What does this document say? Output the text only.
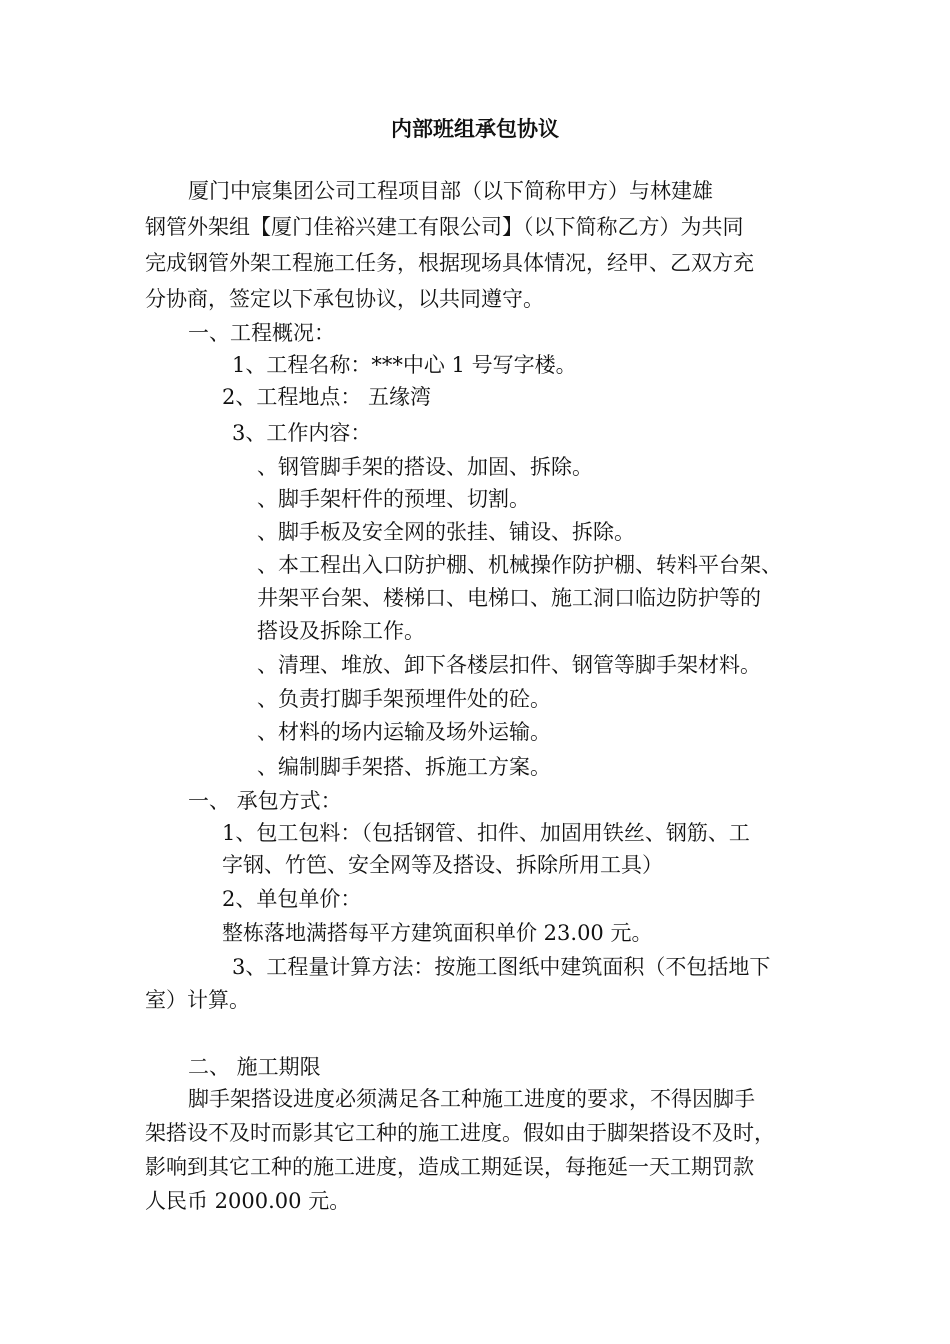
内部班组承包协议
厦门中宸集团公司工程项目部（以下简称甲方）与林建雄
钢管外架组【厦门佳裕兴建工有限公司】（以下简称乙方）为共同
完成钢管外架工程施工任务，根据现场具体情况，经甲、乙双方充
分协商，签定以下承包协议，以共同遵守。
一、工程概况：
1、工程名称：***中心 1 号写字楼。
2、工程地点： 五缘湾
3、工作内容：
、钢管脚手架的搭设、加固、拆除。
、脚手架杆件的预埋、切割。
、脚手板及安全网的张挂、铺设、拆除。
、本工程出入口防护棚、机械操作防护棚、转料平台架、
井架平台架、楼梯口、电梯口、施工洞口临边防护等的
搭设及拆除工作。
、清理、堆放、卸下各楼层扣件、钢管等脚手架材料。
、负责打脚手架预埋件处的砼。
、材料的场内运输及场外运输。
、编制脚手架搭、拆施工方案。
一、 承包方式：
1、包工包料：（包括钢管、扣件、加固用铁丝、钢筋、工
字钢、竹笆、安全网等及搭设、拆除所用工具）
2、单包单价：
整栋落地满搭每平方建筑面积单价 23.00 元。
3、工程量计算方法：按施工图纸中建筑面积（不包括地下
室）计算。
二、 施工期限
脚手架搭设进度必须满足各工种施工进度的要求，不得因脚手
架搭设不及时而影其它工种的施工进度。假如由于脚架搭设不及时，
影响到其它工种的施工进度，造成工期延误，每拖延一天工期罚款
人民币 2000.00 元。
